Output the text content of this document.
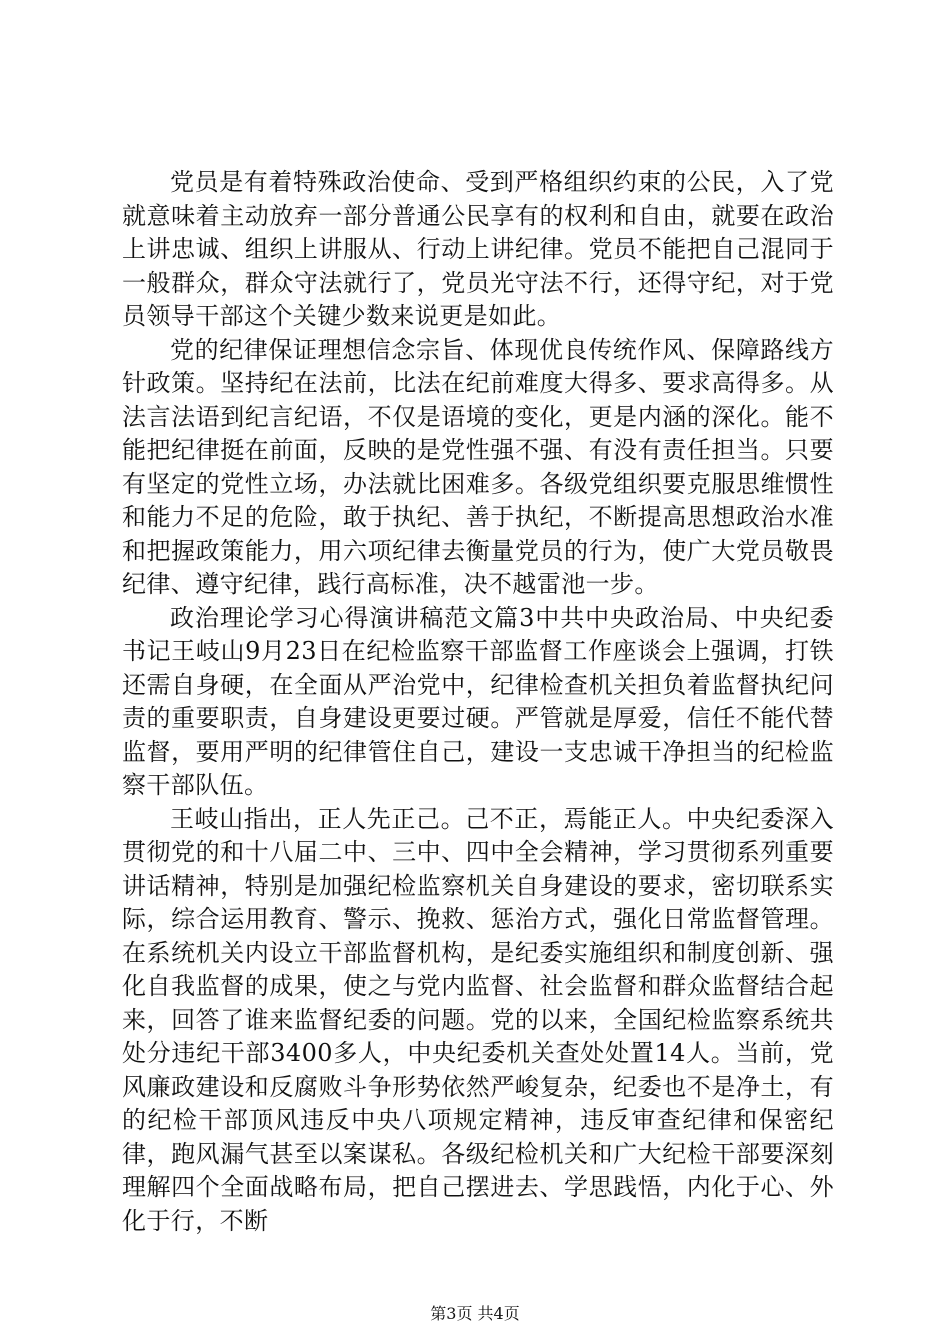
党员是有着特殊政治使命、受到严格组织约束的公民，入了党就意味着主动放弃一部分普通公民享有的权利和自由，就要在政治上讲忠诚、组织上讲服从、行动上讲纪律。党员不能把自己混同于一般群众，群众守法就行了，党员光守法不行，还得守纪，对于党员领导干部这个关键少数来说更是如此。

党的纪律保证理想信念宗旨、体现优良传统作风、保障路线方针政策。坚持纪在法前，比法在纪前难度大得多、要求高得多。从法言法语到纪言纪语，不仅是语境的变化，更是内涵的深化。能不能把纪律挺在前面，反映的是党性强不强、有没有责任担当。只要有坚定的党性立场，办法就比困难多。各级党组织要克服思维惯性和能力不足的危险，敢于执纪、善于执纪，不断提高思想政治水准和把握政策能力，用六项纪律去衡量党员的行为，使广大党员敬畏纪律、遵守纪律，践行高标准，决不越雷池一步。

政治理论学习心得演讲稿范文篇3中共中央政治局、中央纪委书记王岐山9月23日在纪检监察干部监督工作座谈会上强调，打铁还需自身硬，在全面从严治党中，纪律检查机关担负着监督执纪问责的重要职责，自身建设更要过硬。严管就是厚爱，信任不能代替监督，要用严明的纪律管住自己，建设一支忠诚干净担当的纪检监察干部队伍。

王岐山指出，正人先正己。己不正，焉能正人。中央纪委深入贯彻党的和十八届二中、三中、四中全会精神，学习贯彻系列重要讲话精神，特别是加强纪检监察机关自身建设的要求，密切联系实际，综合运用教育、警示、挽救、惩治方式，强化日常监督管理。在系统机关内设立干部监督机构，是纪委实施组织和制度创新、强化自我监督的成果，使之与党内监督、社会监督和群众监督结合起来，回答了谁来监督纪委的问题。党的以来，全国纪检监察系统共处分违纪干部3400多人，中央纪委机关查处处置14人。当前，党风廉政建设和反腐败斗争形势依然严峻复杂，纪委也不是净土，有的纪检干部顶风违反中央八项规定精神，违反审查纪律和保密纪律，跑风漏气甚至以案谋私。各级纪检机关和广大纪检干部要深刻理解四个全面战略布局，把自己摆进去、学思践悟，内化于心、外化于行，不断

第3页 共4页
